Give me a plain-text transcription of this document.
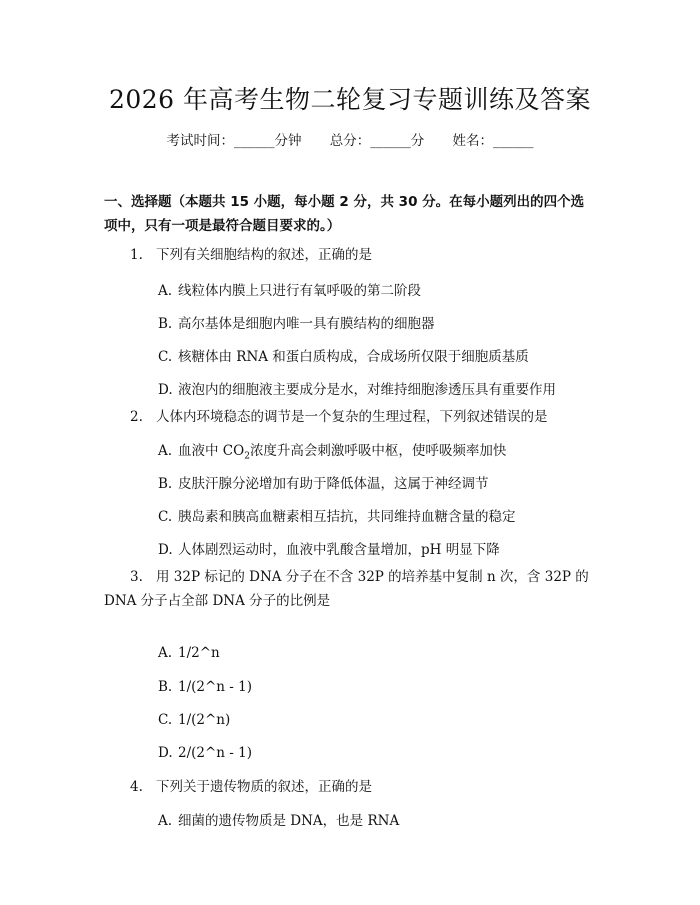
2026 年高考生物二轮复习专题训练及答案
考试时间：______分钟 总分：______分 姓名：______
一、选择题（本题共 15 小题，每小题 2 分，共 30 分。在每小题列出的四个选项中，只有一项是最符合题目要求的。）
1. 下列有关细胞结构的叙述，正确的是
A. 线粒体内膜上只进行有氧呼吸的第二阶段
B. 高尔基体是细胞内唯一具有膜结构的细胞器
C. 核糖体由 RNA 和蛋白质构成，合成场所仅限于细胞质基质
D. 液泡内的细胞液主要成分是水，对维持细胞渗透压具有重要作用
2. 人体内环境稳态的调节是一个复杂的生理过程，下列叙述错误的是
A. 血液中 $CO_2$浓度升高会刺激呼吸中枢，使呼吸频率加快
B. 皮肤汗腺分泌增加有助于降低体温，这属于神经调节
C. 胰岛素和胰高血糖素相互拮抗，共同维持血糖含量的稳定
D. 人体剧烈运动时，血液中乳酸含量增加，pH 明显下降
3. 用 32P 标记的 DNA 分子在不含 32P 的培养基中复制 n 次，含 32P 的 DNA 分子占全部 DNA 分子的比例是
A. 1/2^n
B. 1/(2^n - 1)
C. 1/(2^n)
D. 2/(2^n - 1)
4. 下列关于遗传物质的叙述，正确的是
A. 细菌的遗传物质是 DNA，也是 RNA
